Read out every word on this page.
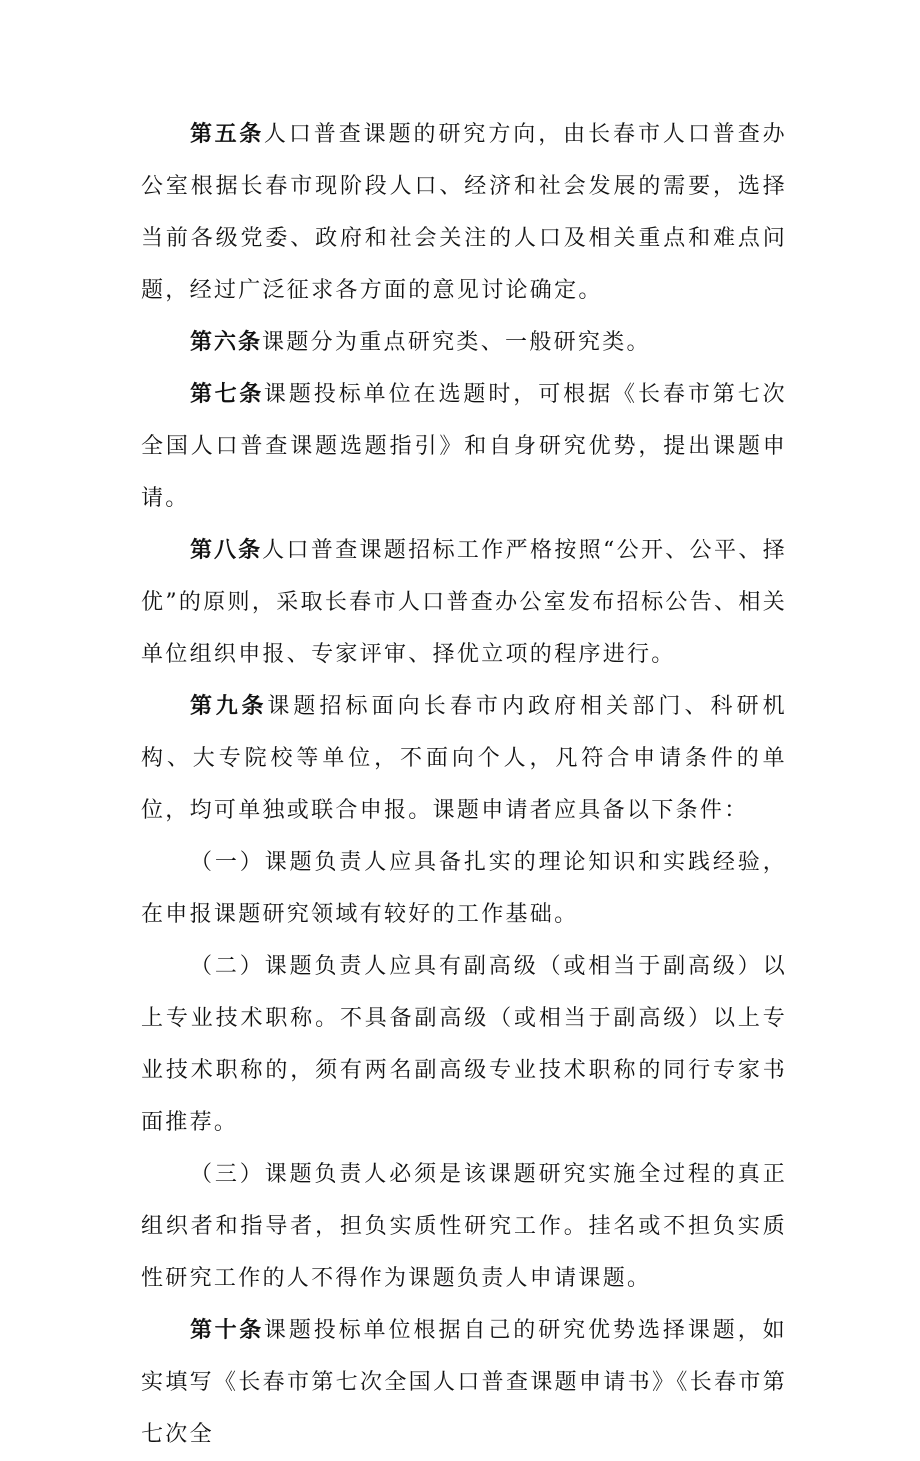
第五条人口普查课题的研究方向，由长春市人口普查办公室根据长春市现阶段人口、经济和社会发展的需要，选择当前各级党委、政府和社会关注的人口及相关重点和难点问题，经过广泛征求各方面的意见讨论确定。

第六条课题分为重点研究类、一般研究类。

第七条课题投标单位在选题时，可根据《长春市第七次全国人口普查课题选题指引》和自身研究优势，提出课题申请。

第八条人口普查课题招标工作严格按照“公开、公平、择优”的原则，采取长春市人口普查办公室发布招标公告、相关单位组织申报、专家评审、择优立项的程序进行。

第九条课题招标面向长春市内政府相关部门、科研机构、大专院校等单位，不面向个人，凡符合申请条件的单位，均可单独或联合申报。课题申请者应具备以下条件：

（一）课题负责人应具备扎实的理论知识和实践经验，在申报课题研究领域有较好的工作基础。

（二）课题负责人应具有副高级（或相当于副高级）以上专业技术职称。不具备副高级（或相当于副高级）以上专业技术职称的，须有两名副高级专业技术职称的同行专家书面推荐。

（三）课题负责人必须是该课题研究实施全过程的真正组织者和指导者，担负实质性研究工作。挂名或不担负实质性研究工作的人不得作为课题负责人申请课题。

第十条课题投标单位根据自己的研究优势选择课题，如实填写《长春市第七次全国人口普查课题申请书》《长春市第七次全
